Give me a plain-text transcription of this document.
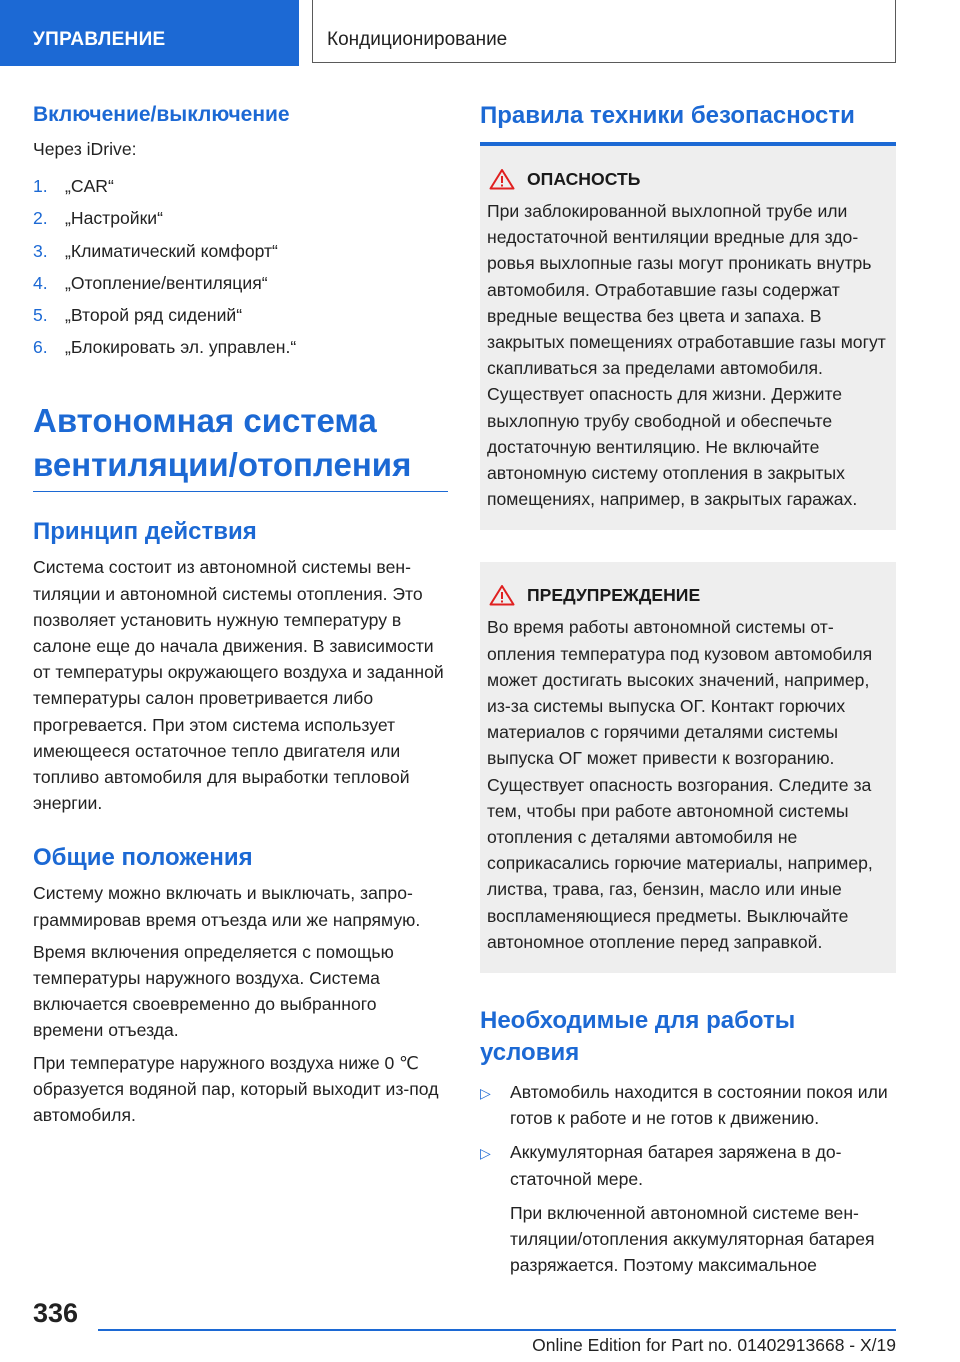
УПРАВЛЕНИЕ	Кондиционирование
Включение/выключение

Через iDrive:

1. „CAR“
2. „Настройки“
3. „Климатический комфорт“
4. „Отопление/вентиляция“
5. „Второй ряд сидений“
6. „Блокировать эл. управлен.“
Автономная система
вентиляции/отопления
Принцип действия

Система состоит из автономной системы вентиляции и автономной системы отопления. Это позволяет установить нужную температуру в салоне еще до начала движения. В зависимости от температуры окружающего воздуха и заданной температуры салон проветривается либо прогревается. При этом система использует имеющееся остаточное тепло двигателя или топливо автомобиля для выработки тепловой энергии.

Общие положения

Систему можно включать и выключать, запрограммировав время отъезда или же напрямую.

Время включения определяется с помощью температуры наружного воздуха. Система включается своевременно до выбранного времени отъезда.

При температуре наружного воздуха ниже 0 ℃ образуется водяной пар, который выходит из-под автомобиля.

Правила техники безопасности
ОПАСНОСТЬ

При заблокированной выхлопной трубе или недостаточной вентиляции вредные для здоровья выхлопные газы могут проникать внутрь автомобиля. Отработавшие газы содержат вредные вещества без цвета и запаха. В закрытых помещениях отработавшие газы могут скапливаться за пределами автомобиля. Существует опасность для жизни. Держите выхлопную трубу свободной и обеспечьте достаточную вентиляцию. Не включайте автономную систему отопления в закрытых помещениях, например, в закрытых гаражах.

ПРЕДУПРЕЖДЕНИЕ

Во время работы автономной системы отопления температура под кузовом автомобиля может достигать высоких значений, например, из-за системы выпуска ОГ. Контакт горючих материалов с горячими деталями системы выпуска ОГ может привести к возгоранию. Существует опасность возгорания. Следите за тем, чтобы при работе автономной системы отопления с деталями автомобиля не соприкасались горючие материалы, например, листва, трава, газ, бензин, масло или иные воспламеняющиеся предметы. Выключайте автономное отопление перед заправкой.

Необходимые для работы
условия
▷ Автомобиль находится в состоянии покоя или готов к работе и не готов к движению.
▷ Аккумуляторная батарея заряжена в достаточной мере.

При включенной автономной системе вентиляции/отопления аккумуляторная батарея разряжается. Поэтому максимальное

336
Online Edition for Part no. 01402913668 - X/19
